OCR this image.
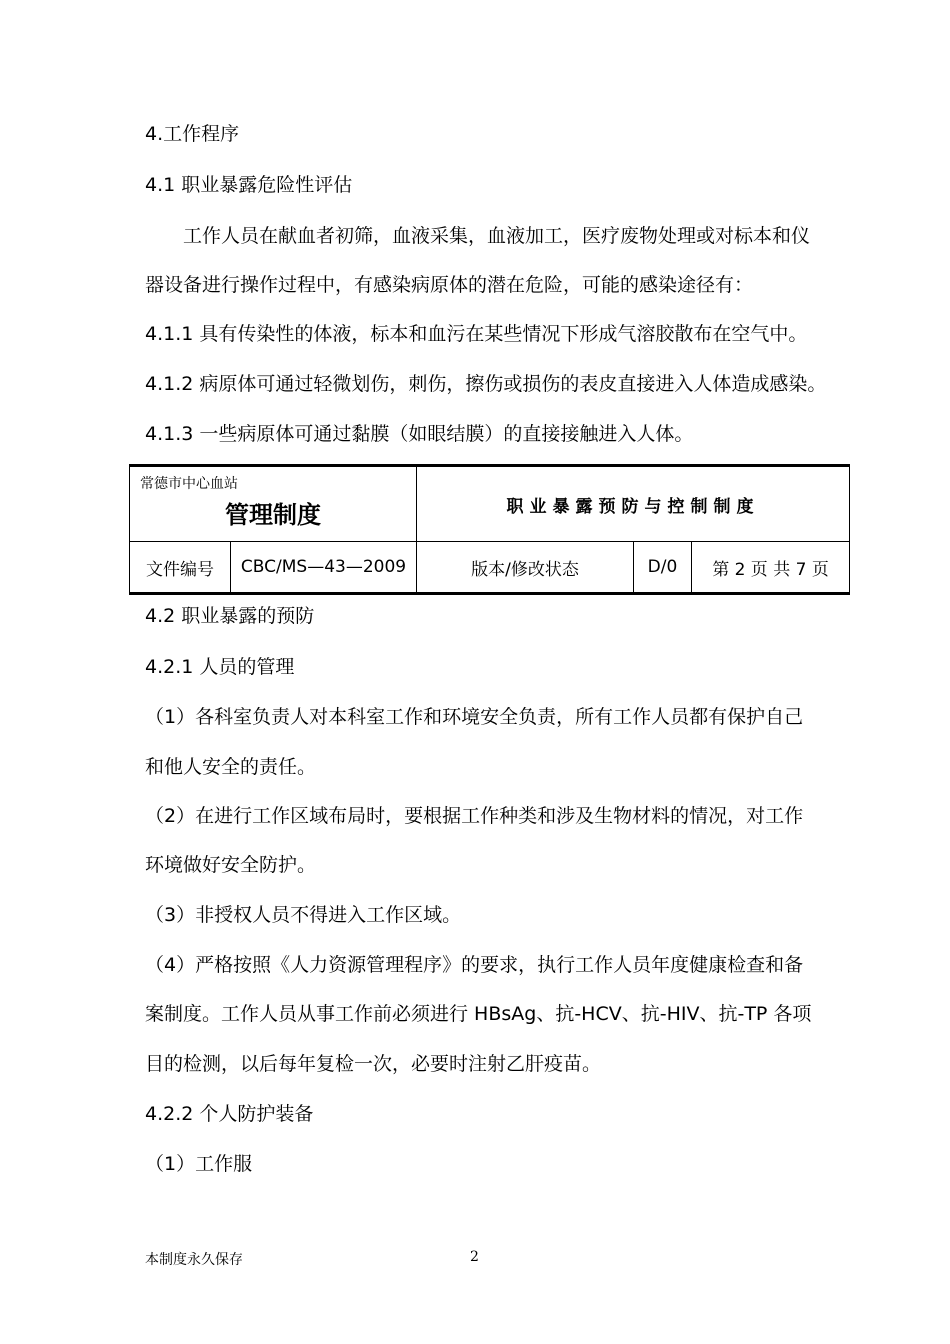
4.工作程序
4.1 职业暴露危险性评估
工作人员在献血者初筛，血液采集，血液加工，医疗废物处理或对标本和仪
器设备进行操作过程中，有感染病原体的潜在危险，可能的感染途径有：
4.1.1 具有传染性的体液，标本和血污在某些情况下形成气溶胶散布在空气中。
4.1.2 病原体可通过轻微划伤，刺伤，擦伤或损伤的表皮直接进入人体造成感染。
4.1.3 一些病原体可通过黏膜（如眼结膜）的直接接触进入人体。
常德市中心血站
管理制度		职业暴露预防与控制制度		
文件编号	CBC/MS—43—2009	版本/修改状态	D/0	第 2 页 共 7 页
4.2 职业暴露的预防
4.2.1 人员的管理
（1）各科室负责人对本科室工作和环境安全负责，所有工作人员都有保护自己
和他人安全的责任。
（2）在进行工作区域布局时，要根据工作种类和涉及生物材料的情况，对工作
环境做好安全防护。
（3）非授权人员不得进入工作区域。
（4）严格按照《人力资源管理程序》的要求，执行工作人员年度健康检查和备
案制度。工作人员从事工作前必须进行 HBsAg、抗-HCV、抗-HIV、抗-TP 各项
目的检测，以后每年复检一次，必要时注射乙肝疫苗。
4.2.2 个人防护装备
（1）工作服
本制度永久保存	2
